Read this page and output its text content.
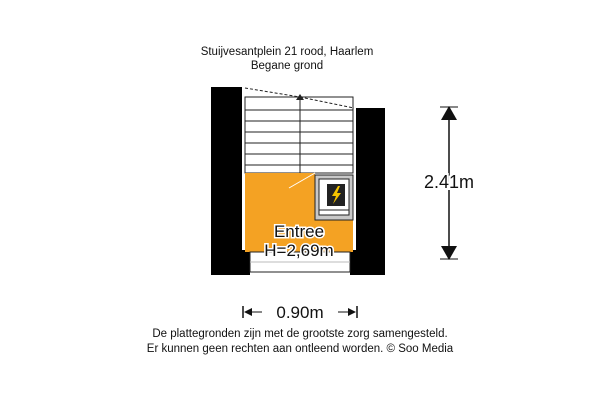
Stuijvesantplein 21 rood, Haarlem
Begane grond
Entree
H=2,69m
2.41m
0.90m
De plattegronden zijn met de grootste zorg samengesteld.
Er kunnen geen rechten aan ontleend worden. © Soo Media
